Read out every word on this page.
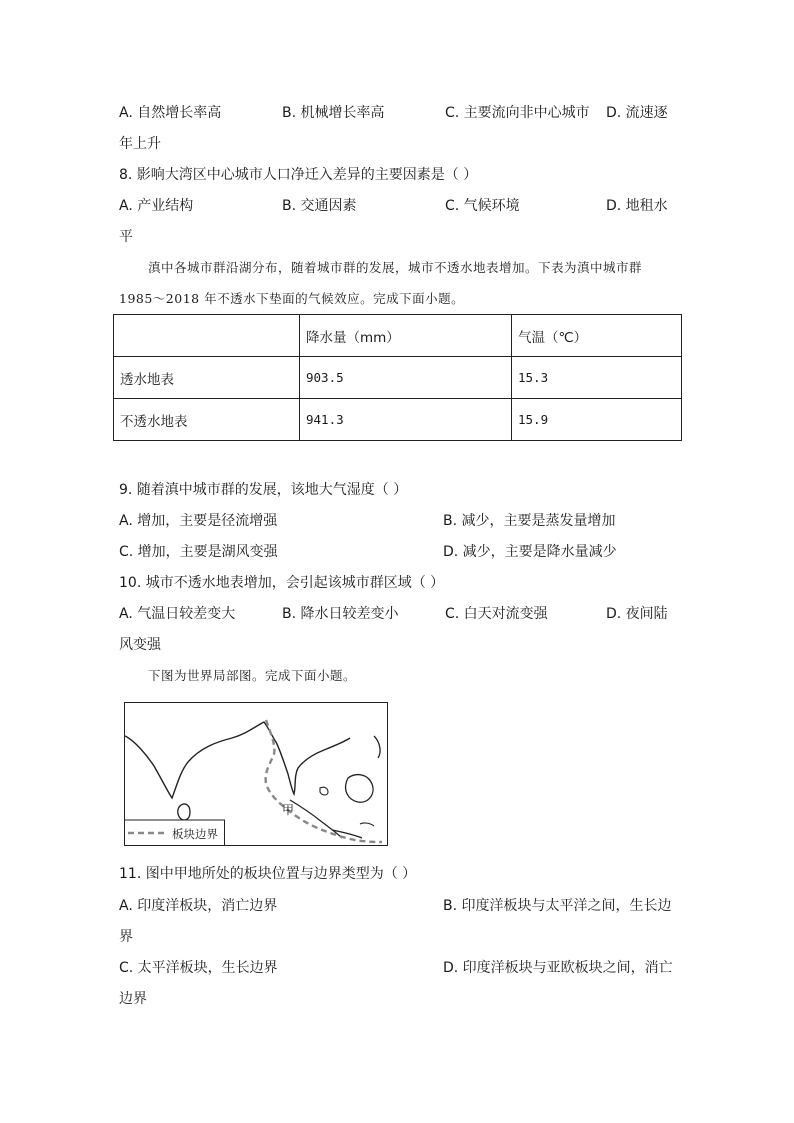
A. 自然增长率高	B. 机械增长率高	C. 主要流向非中心城市 D. 流速逐
年上升
8. 影响大湾区中心城市人口净迁入差异的主要因素是（ ）
A. 产业结构	B. 交通因素	C. 气候环境	D. 地租水
平
滇中各城市群沿湖分布，随着城市群的发展，城市不透水地表增加。下表为滇中城市群
1985～2018 年不透水下垫面的气候效应。完成下面小题。
	降水量（mm）	气温（℃）
透水地表	903.5	15.3
不透水地表	941.3	15.9
9. 随着滇中城市群的发展，该地大气湿度（ ）
A. 增加，主要是径流增强	B. 减少，主要是蒸发量增加
C. 增加，主要是湖风变强	D. 减少，主要是降水量减少
10. 城市不透水地表增加，会引起该城市群区域（ ）
A. 气温日较差变大	B. 降水日较差变小	C. 白天对流变强	D. 夜间陆
风变强
下图为世界局部图。完成下面小题。
板块边界
甲
11. 图中甲地所处的板块位置与边界类型为（ ）
A. 印度洋板块，消亡边界	B. 印度洋板块与太平洋之间，生长边
界
C. 太平洋板块，生长边界	D. 印度洋板块与亚欧板块之间，消亡
边界
